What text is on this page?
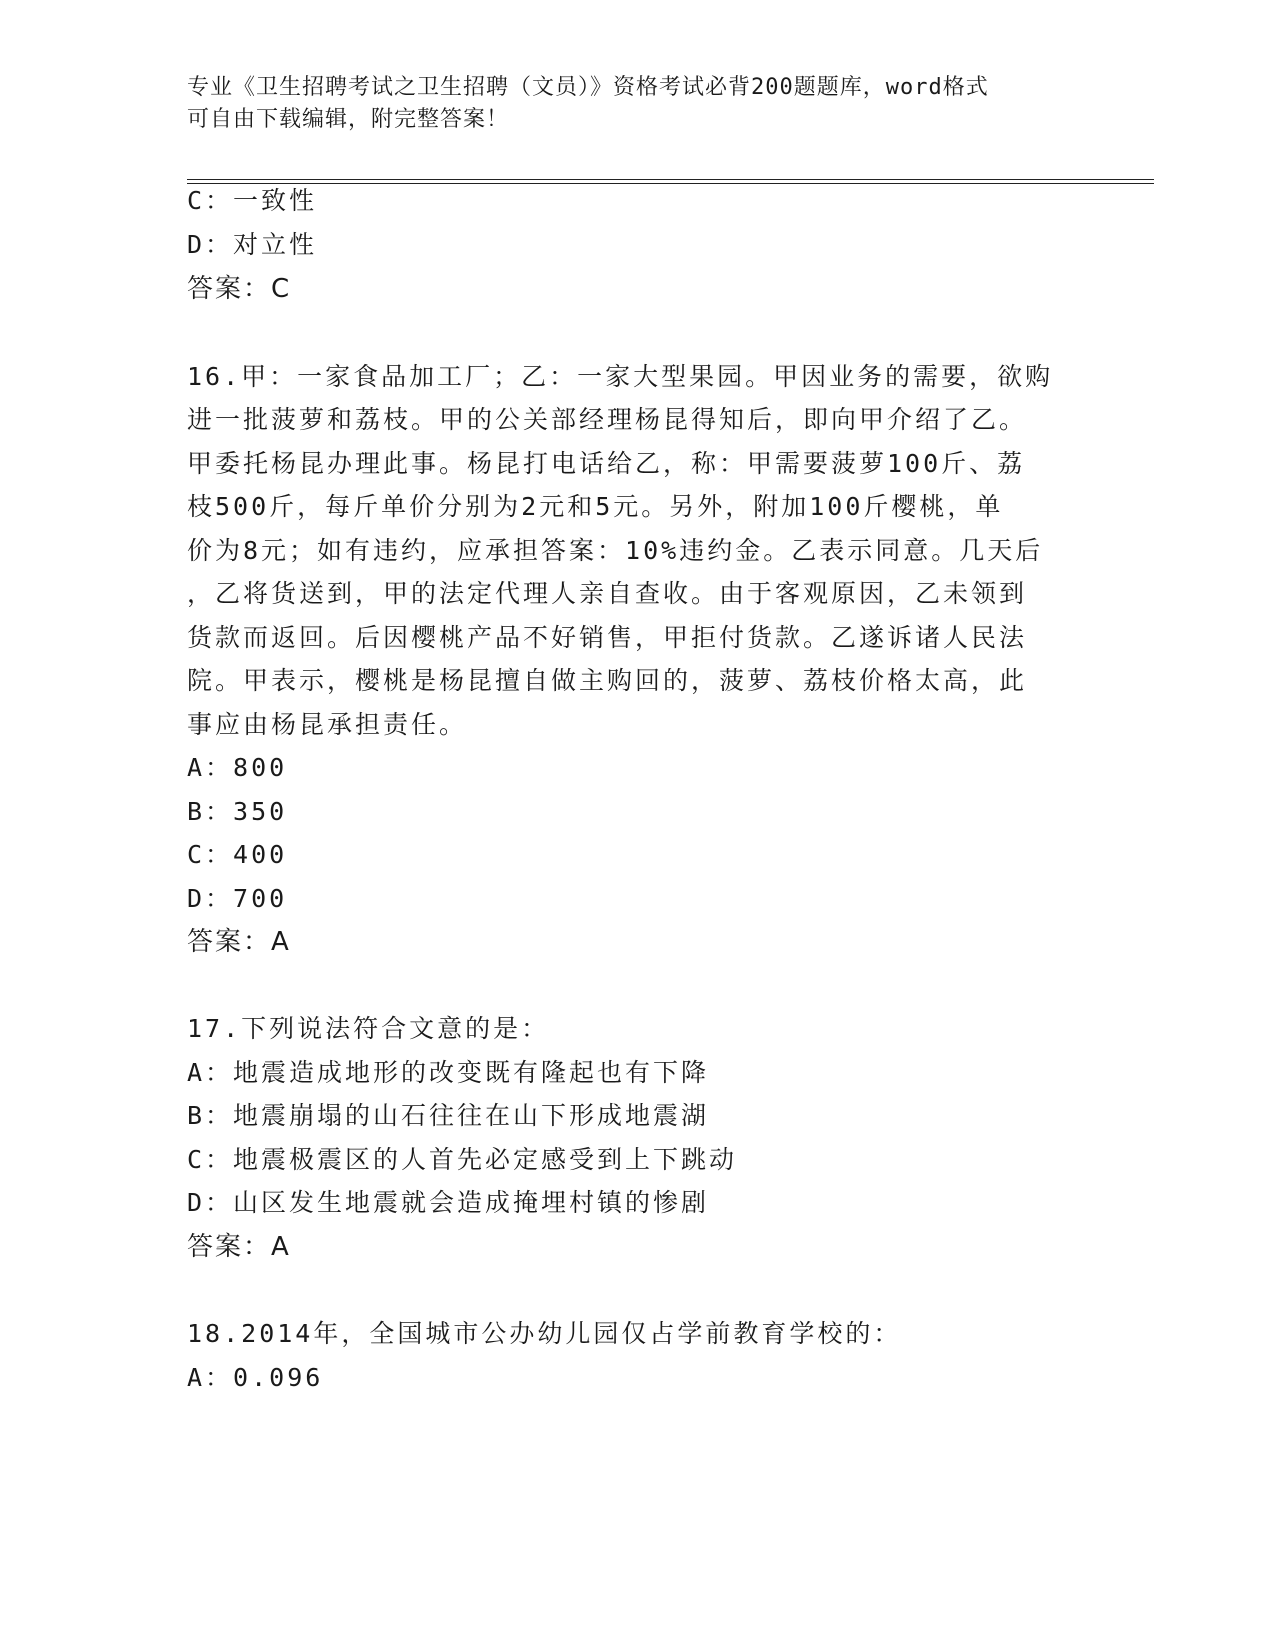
专业《卫生招聘考试之卫生招聘（文员）》资格考试必背200题题库，word格式
可自由下载编辑，附完整答案！
C：一致性
D：对立性
答案：C
16.甲：一家食品加工厂；乙：一家大型果园。甲因业务的需要，欲购
进一批菠萝和荔枝。甲的公关部经理杨昆得知后，即向甲介绍了乙。
甲委托杨昆办理此事。杨昆打电话给乙，称：甲需要菠萝100斤、荔
枝500斤，每斤单价分别为2元和5元。另外，附加100斤樱桃，单
价为8元；如有违约，应承担答案：10%违约金。乙表示同意。几天后
，乙将货送到，甲的法定代理人亲自查收。由于客观原因，乙未领到
货款而返回。后因樱桃产品不好销售，甲拒付货款。乙遂诉诸人民法
院。甲表示，樱桃是杨昆擅自做主购回的，菠萝、荔枝价格太高，此
事应由杨昆承担责任。
A：800
B：350
C：400
D：700
答案：A
17.下列说法符合文意的是：
A：地震造成地形的改变既有隆起也有下降
B：地震崩塌的山石往往在山下形成地震湖
C：地震极震区的人首先必定感受到上下跳动
D：山区发生地震就会造成掩埋村镇的惨剧
答案：A
18.2014年，全国城市公办幼儿园仅占学前教育学校的：
A：0.096
